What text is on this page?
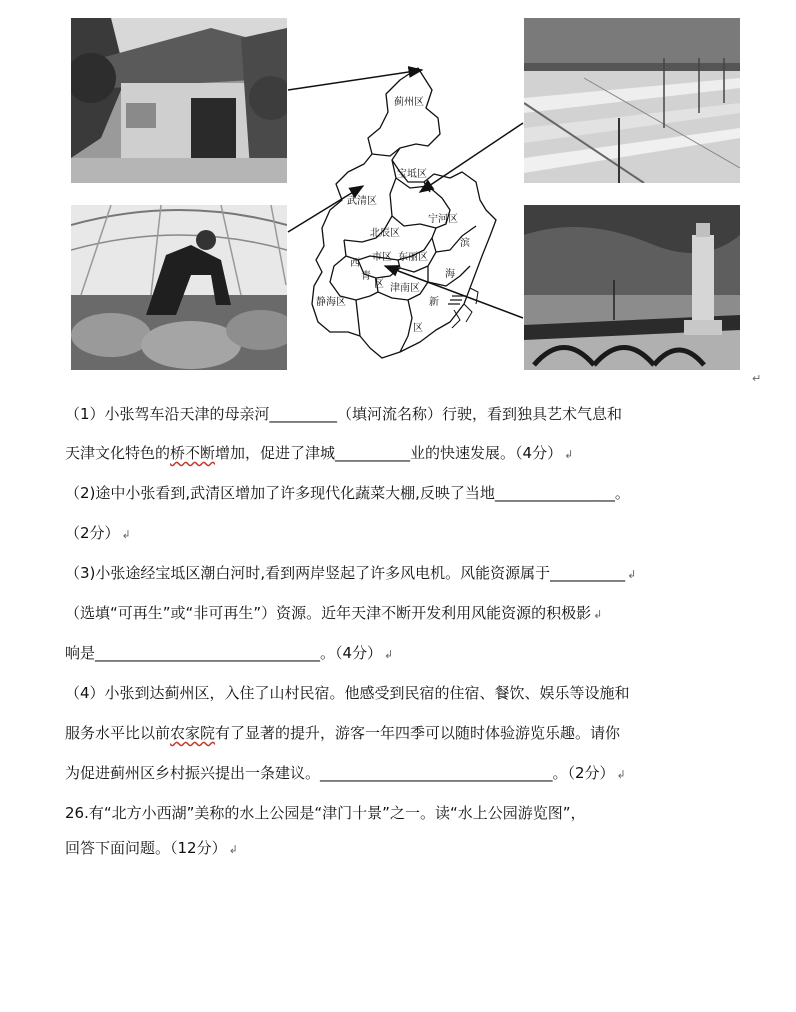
蓟州区
宝坻区
武清区
宁河区
北辰区
西
市区 东丽区
滨
青	海
区 津南区
静海区	新
区
↵
（1）小张驾车沿天津的母亲河_________（填河流名称）行驶，看到独具艺术气息和
天津文化特色的桥不断增加，促进了津城__________业的快速发展。（4分） ↲
（2)途中小张看到,武清区增加了许多现代化蔬菜大棚,反映了当地________________。
（2分） ↲
（3)小张途经宝坻区潮白河时,看到两岸竖起了许多风电机。风能资源属于__________ ↲
（选填“可再生”或“非可再生”）资源。近年天津不断开发利用风能资源的积极影 ↲
响是______________________________。（4分） ↲
（4）小张到达蓟州区，入住了山村民宿。他感受到民宿的住宿、餐饮、娱乐等设施和
服务水平比以前农家院有了显著的提升，游客一年四季可以随时体验游览乐趣。请你
为促进蓟州区乡村振兴提出一条建议。_______________________________。（2分） ↲
26.有“北方小西湖”美称的水上公园是“津门十景”之一。读“水上公园游览图”，
回答下面问题。（12分） ↲
